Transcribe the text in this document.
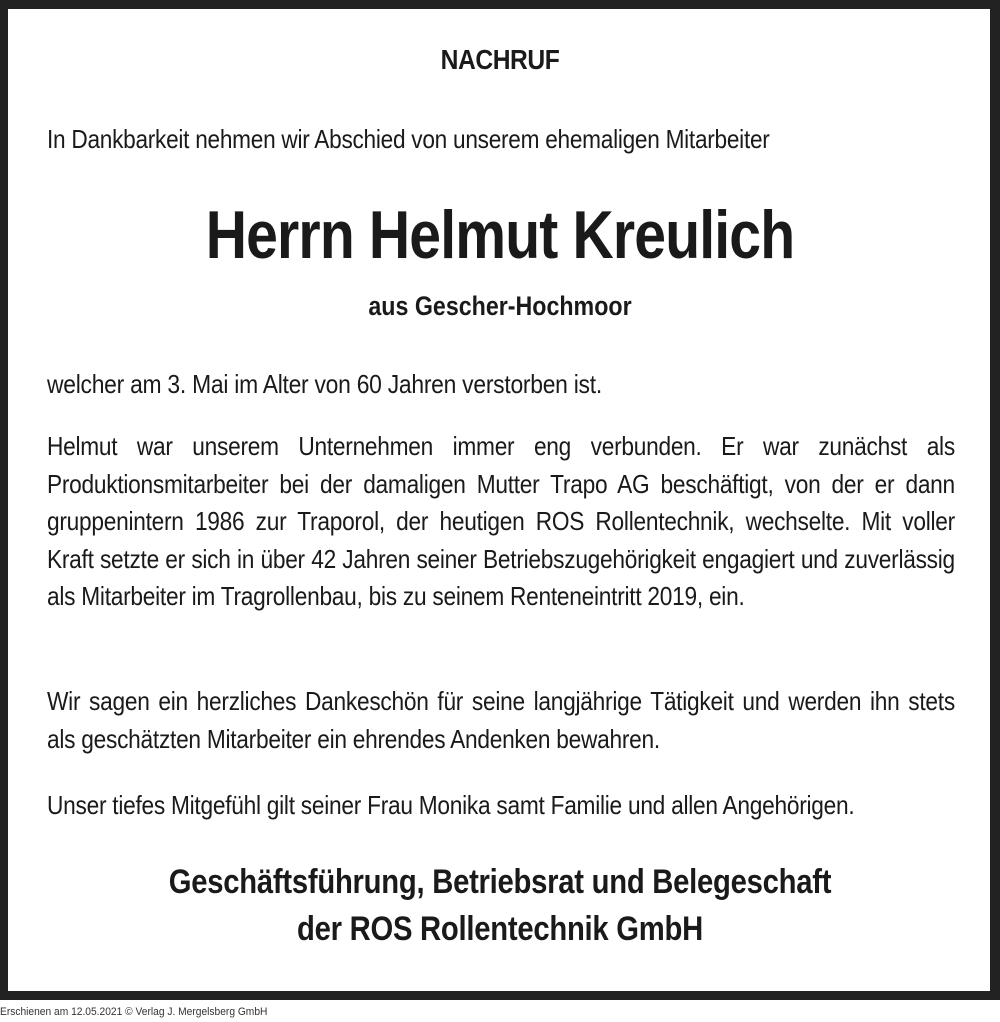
NACHRUF
In Dankbarkeit nehmen wir Abschied von unserem ehemaligen Mitarbeiter
Herrn Helmut Kreulich
aus Gescher-Hochmoor
welcher am 3. Mai im Alter von 60 Jahren verstorben ist.
Helmut war unserem Unternehmen immer eng verbunden. Er war zunächst als Produktionsmitarbeiter bei der damaligen Mutter Trapo AG beschäftigt, von der er dann gruppenintern 1986 zur Traporol, der heutigen ROS Rollentechnik, wechselte. Mit voller Kraft setzte er sich in über 42 Jahren seiner Betriebszugehörigkeit engagiert und zuverlässig als Mitarbeiter im Tragrollenbau, bis zu seinem Renteneintritt 2019, ein.
Wir sagen ein herzliches Dankeschön für seine langjährige Tätigkeit und werden ihn stets als geschätzten Mitarbeiter ein ehrendes Andenken bewahren.
Unser tiefes Mitgefühl gilt seiner Frau Monika samt Familie und allen Angehörigen.
Geschäftsführung, Betriebsrat und Belegeschaft
der ROS Rollentechnik GmbH
Erschienen am 12.05.2021 © Verlag J. Mergelsberg GmbH
